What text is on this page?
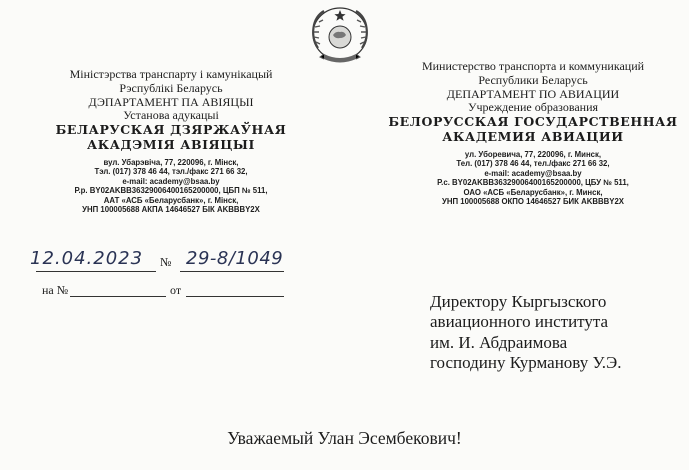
Міністэрства транспарту і камунікацый
Рэспублікі Беларусь
ДЭПАРТАМЕНТ ПА АВІЯЦЫІ
Установа адукацыі
БЕЛАРУСКАЯ ДЗЯРЖАЎНАЯ
АКАДЭМІЯ АВІЯЦЫІ
вул. Убарэвіча, 77, 220096, г. Мінск,
Тэл. (017) 378 46 44, тэл./факс 271 66 32,
e-mail: academy@bsaa.by
Р.р. BY02AKBB36329006400165200000, ЦБП № 511,
ААТ «АСБ «Беларусбанк», г. Мінск,
УНП 100005688 АКПА 14646527 БІК AKBBBY2X
Министерство транспорта и коммуникаций
Республики Беларусь
ДЕПАРТАМЕНТ ПО АВИАЦИИ
Учреждение образования
БЕЛОРУССКАЯ ГОСУДАРСТВЕННАЯ
АКАДЕМИЯ АВИАЦИИ
ул. Уборевича, 77, 220096, г. Минск,
Тел. (017) 378 46 44, тел./факс 271 66 32,
e-mail: academy@bsaa.by
Р.с. BY02AKBB36329006400165200000, ЦБУ № 511,
ОАО «АСБ «Беларусбанк», г. Минск,
УНП 100005688 ОКПО 14646527 БИК AKBBBY2X
12.04.2023 № 29-8/1049
на №	от
Директору Кыргызского
авиационного института
им. И. Абдраимова
господину Курманову У.Э.
Уважаемый Улан Эсембекович!
